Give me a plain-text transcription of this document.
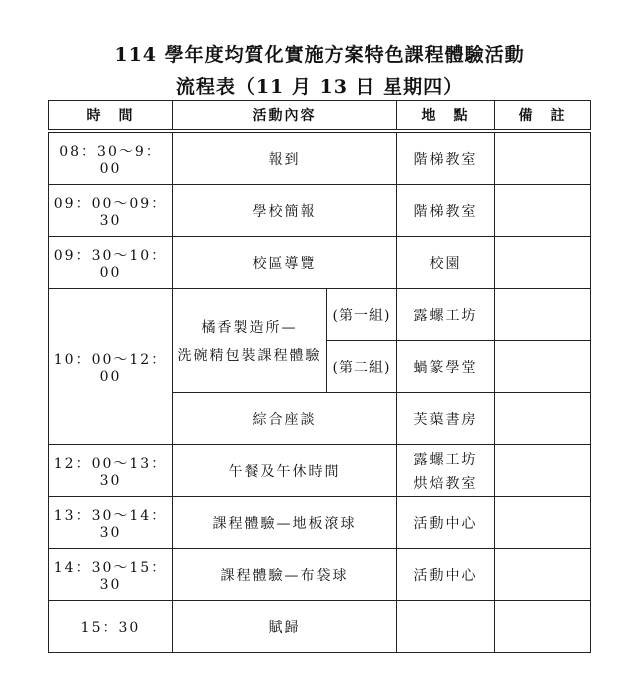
114 學年度均質化實施方案特色課程體驗活動
流程表（11 月 13 日 星期四）
時　間	活動內容		地　點	備　註
08：30～9：00	報到		階梯教室	
09：00～09：30	學校簡報		階梯教室	
09：30～10：00	校區導覽		校園	
10：00～12：00	橘香製造所—
洗碗精包裝課程體驗	(第一組)	露螺工坊	
		(第二組)	蝸篆學堂	
	綜合座談		芙蕖書房	
12：00～13：30	午餐及午休時間		露螺工坊
烘焙教室	

13：30～14：30	課程體驗—地板滾球		活動中心	
14：30～15：30	課程體驗—布袋球		活動中心	
15：30	賦歸			
